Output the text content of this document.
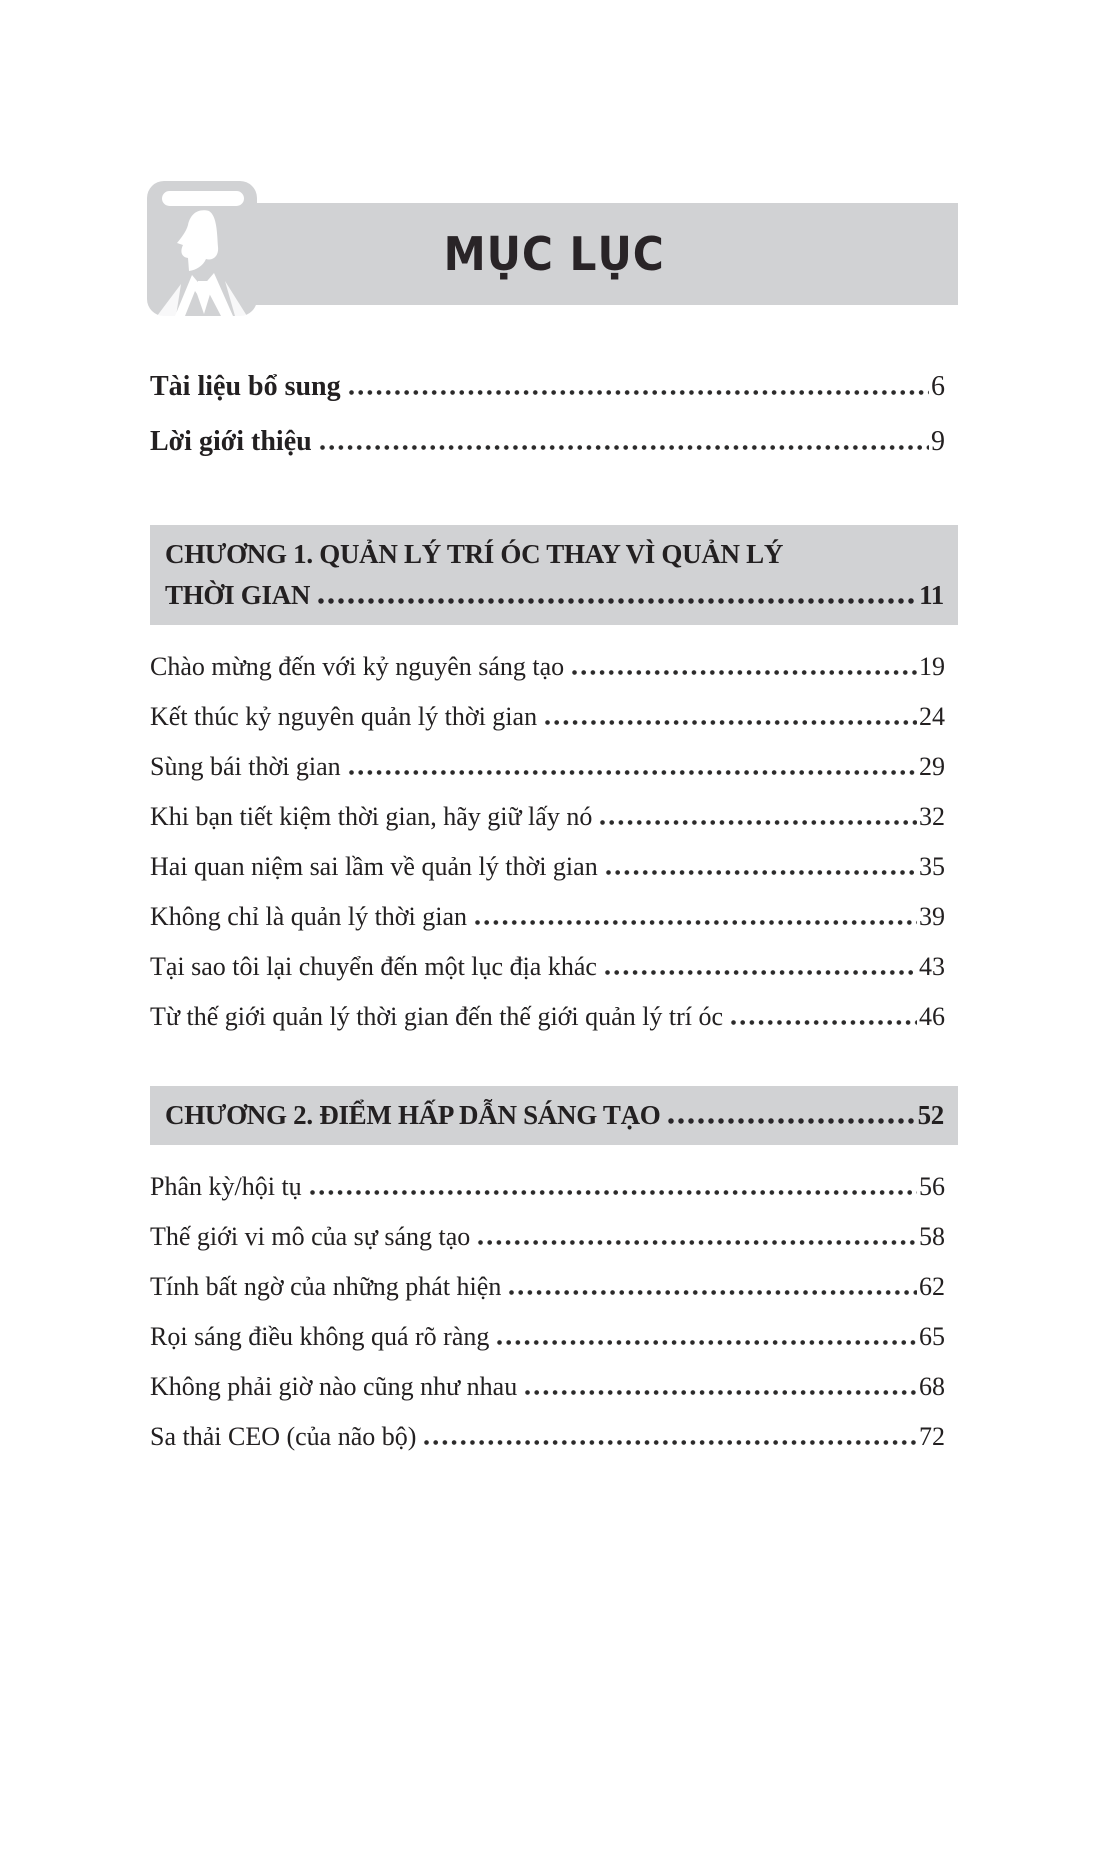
MỤC LỤC
Tài liệu bổ sung	6
Lời giới thiệu	9
CHƯƠNG 1. QUẢN LÝ TRÍ ÓC THAY VÌ QUẢN LÝ
THỜI GIAN	11
Chào mừng đến với kỷ nguyên sáng tạo	19
Kết thúc kỷ nguyên quản lý thời gian	24
Sùng bái thời gian	29
Khi bạn tiết kiệm thời gian, hãy giữ lấy nó	32
Hai quan niệm sai lầm về quản lý thời gian	35
Không chỉ là quản lý thời gian	39
Tại sao tôi lại chuyển đến một lục địa khác	43
Từ thế giới quản lý thời gian đến thế giới quản lý trí óc	46
CHƯƠNG 2. ĐIỂM HẤP DẪN SÁNG TẠO	52
Phân kỳ/hội tụ	56
Thế giới vi mô của sự sáng tạo	58
Tính bất ngờ của những phát hiện	62
Rọi sáng điều không quá rõ ràng	65
Không phải giờ nào cũng như nhau	68
Sa thải CEO (của não bộ)	72
